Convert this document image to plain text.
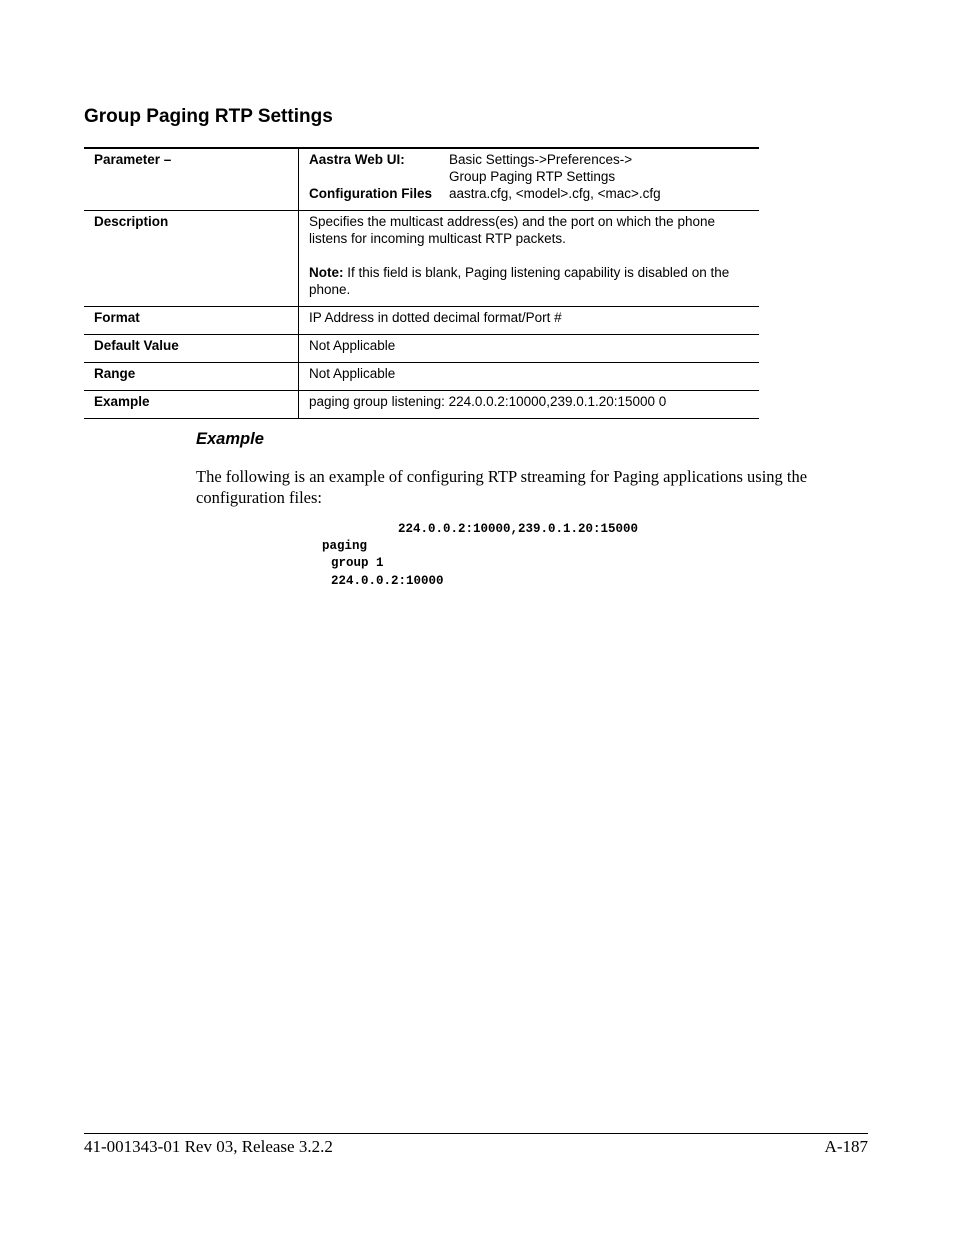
Group Paging RTP Settings
Parameter –	Aastra Web UI: Basic Settings->Preferences->
Group Paging RTP Settings
Configuration Files aastra.cfg, <model>.cfg, <mac>.cfg

Description	Specifies the multicast address(es) and the port on which the phone listens for incoming multicast RTP packets.
Note: If this field is blank, Paging listening capability is disabled on the phone.

Format	IP Address in dotted decimal format/Port #
Default Value	Not Applicable
Range	Not Applicable
Example	paging group listening: 224.0.0.2:10000,239.0.1.20:15000 0
Example

The following is an example of configuring RTP streaming for Paging applications using the configuration files:

224.0.0.2:10000,239.0.1.20:15000
paging
group 1
224.0.0.2:10000
41-001343-01 Rev 03, Release 3.2.2	A-187
